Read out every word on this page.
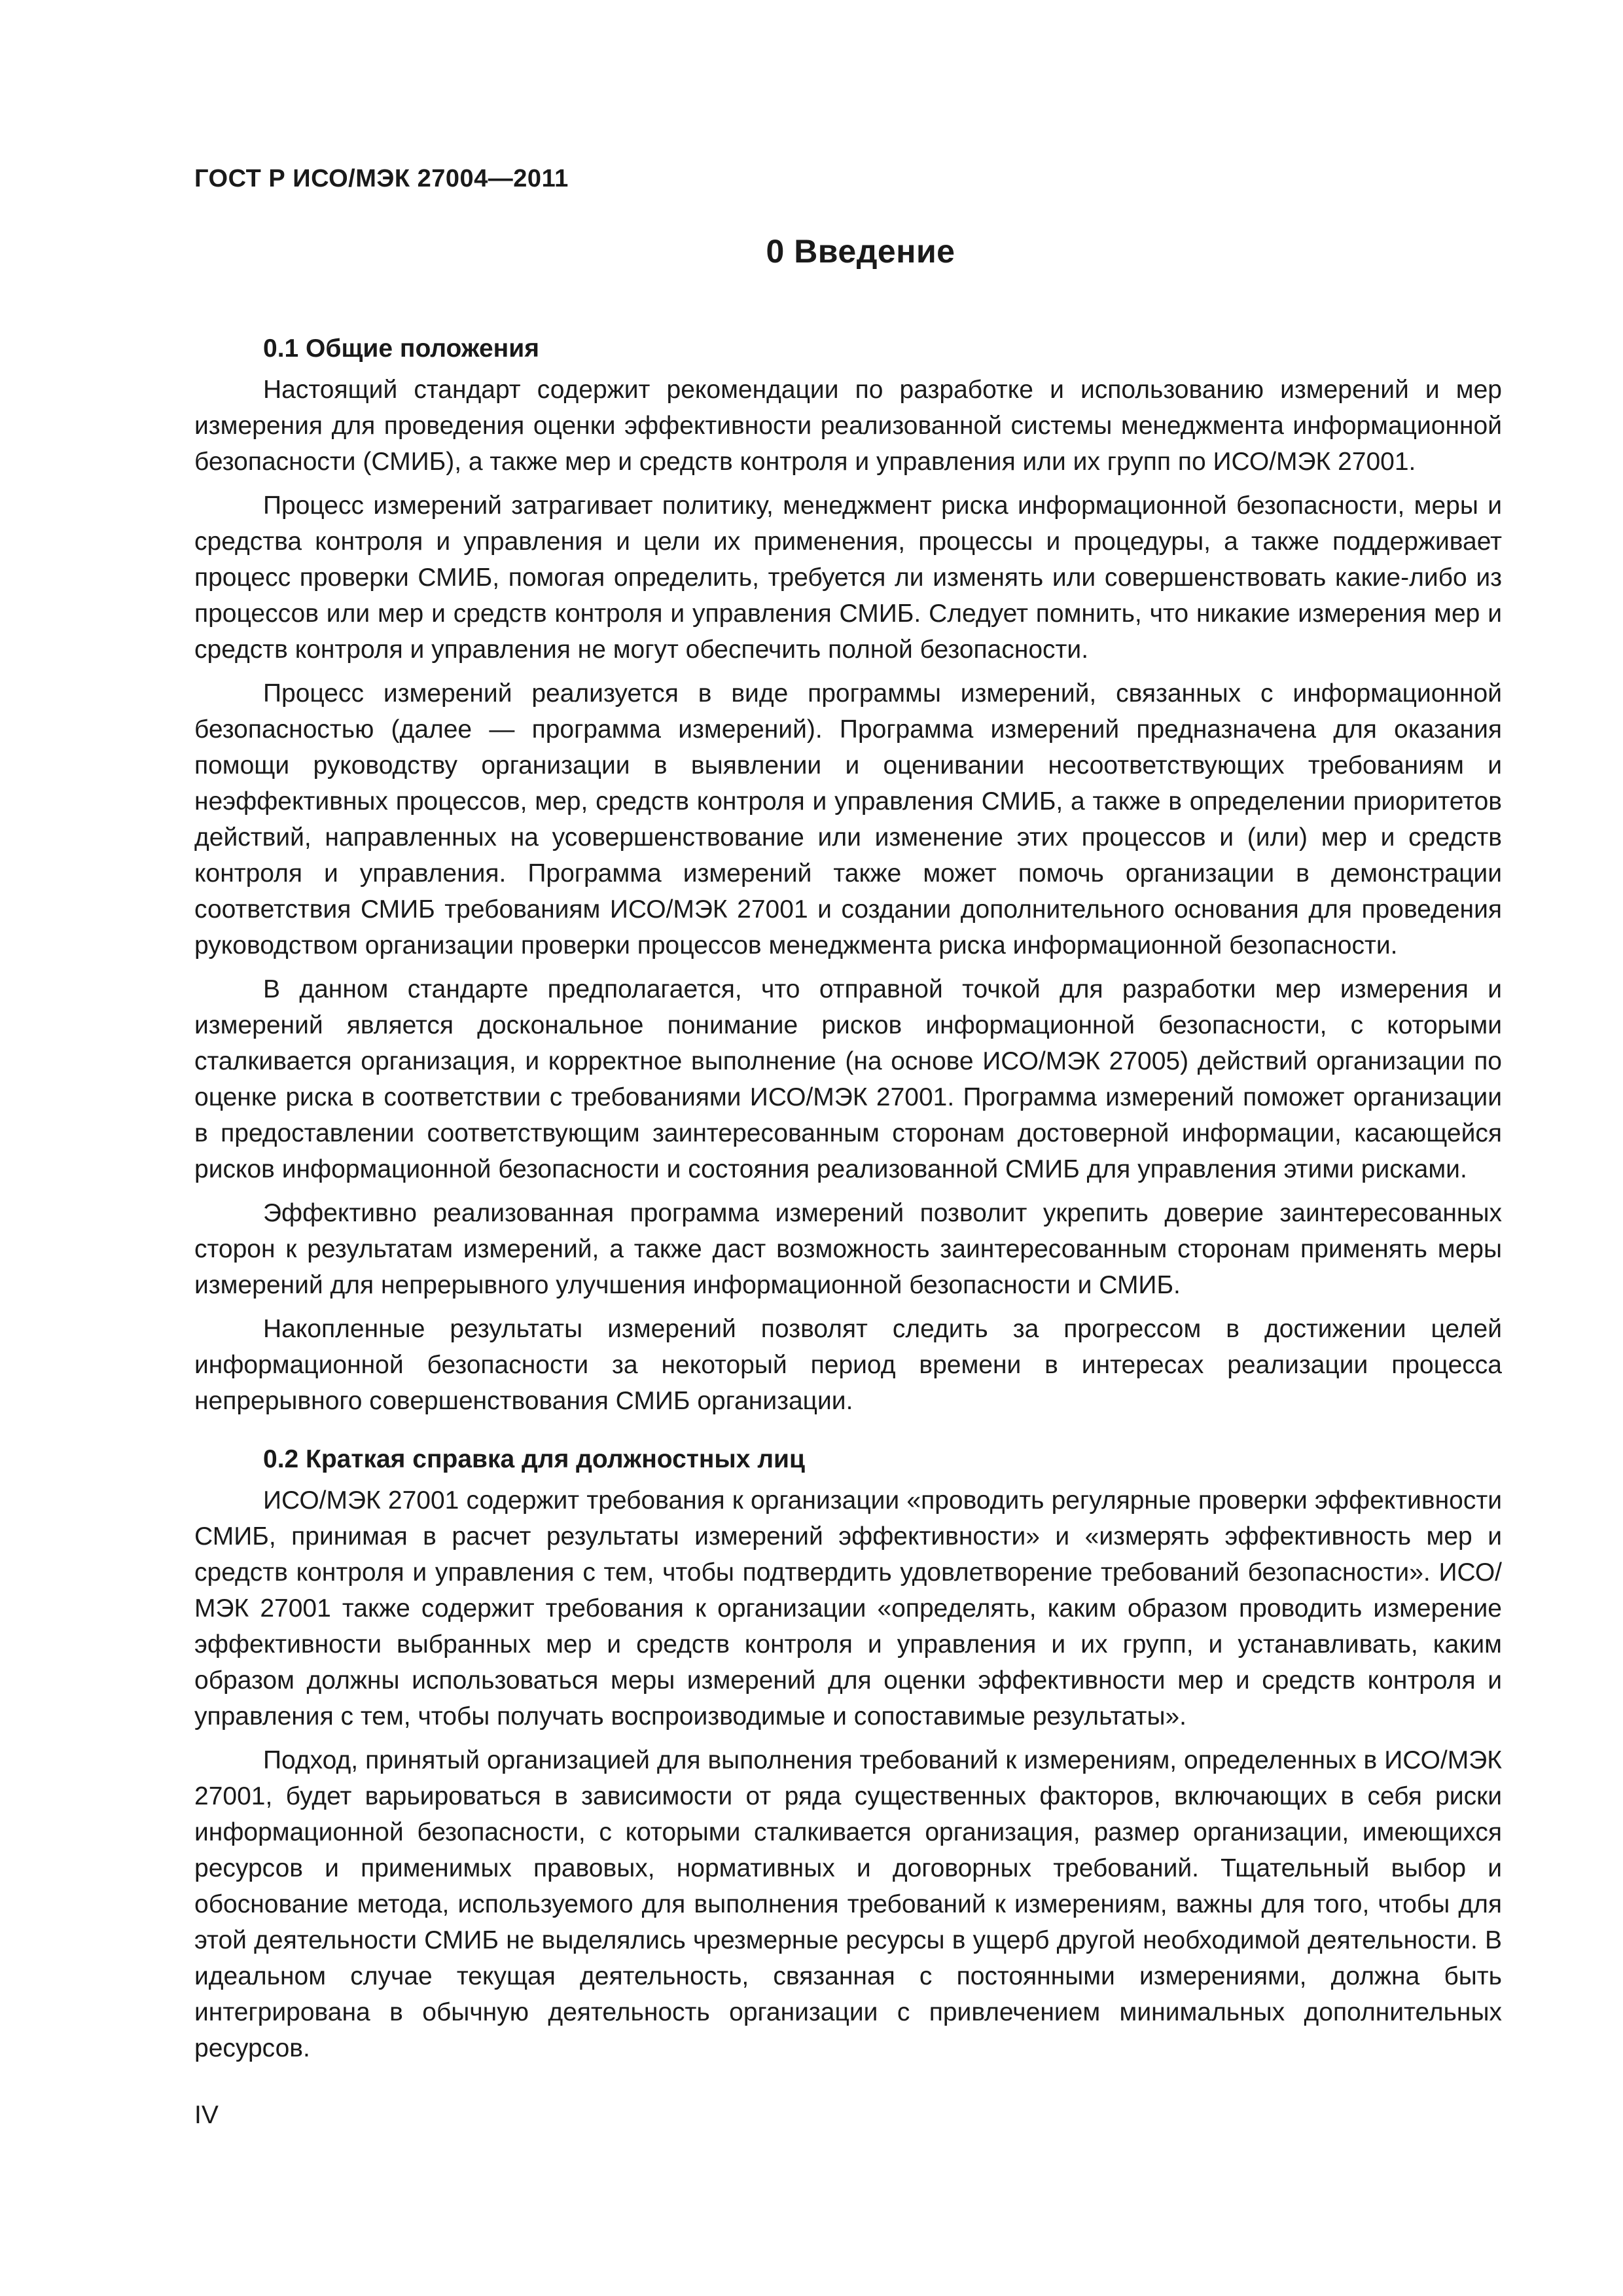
ГОСТ Р ИСО/МЭК 27004—2011
0 Введение
0.1 Общие положения

Настоящий стандарт содержит рекомендации по разработке и использованию измерений и мер измерения для проведения оценки эффективности реализованной системы менеджмента информационной безопасности (СМИБ), а также мер и средств контроля и управления или их групп по ИСО/МЭК 27001.

Процесс измерений затрагивает политику, менеджмент риска информационной безопасности, меры и средства контроля и управления и цели их применения, процессы и процедуры, а также поддерживает процесс проверки СМИБ, помогая определить, требуется ли изменять или совершенствовать какие-либо из процессов или мер и средств контроля и управления СМИБ. Следует помнить, что никакие измерения мер и средств контроля и управления не могут обеспечить полной безопасности.

Процесс измерений реализуется в виде программы измерений, связанных с информационной безопасностью (далее — программа измерений). Программа измерений предназначена для оказания помощи руководству организации в выявлении и оценивании несоответствующих требованиям и неэффективных процессов, мер, средств контроля и управления СМИБ, а также в определении приоритетов действий, направленных на усовершенствование или изменение этих процессов и (или) мер и средств контроля и управления. Программа измерений также может помочь организации в демонстрации соответствия СМИБ требованиям ИСО/МЭК 27001 и создании дополнительного основания для проведения руководством организации проверки процессов менеджмента риска информационной безопасности.

В данном стандарте предполагается, что отправной точкой для разработки мер измерения и измерений является доскональное понимание рисков информационной безопасности, с которыми сталкивается организация, и корректное выполнение (на основе ИСО/МЭК 27005) действий организации по оценке риска в соответствии с требованиями ИСО/МЭК 27001. Программа измерений поможет организации в предоставлении соответствующим заинтересованным сторонам достоверной информации, касающейся рисков информационной безопасности и состояния реализованной СМИБ для управления этими рисками.

Эффективно реализованная программа измерений позволит укрепить доверие заинтересованных сторон к результатам измерений, а также даст возможность заинтересованным сторонам применять меры измерений для непрерывного улучшения информационной безопасности и СМИБ.

Накопленные результаты измерений позволят следить за прогрессом в достижении целей информационной безопасности за некоторый период времени в интересах реализации процесса непрерывного совершенствования СМИБ организации.

0.2 Краткая справка для должностных лиц

ИСО/МЭК 27001 содержит требования к организации «проводить регулярные проверки эффективности СМИБ, принимая в расчет результаты измерений эффективности» и «измерять эффективность мер и средств контроля и управления с тем, чтобы подтвердить удовлетворение требований безопасности». ИСО/МЭК 27001 также содержит требования к организации «определять, каким образом проводить измерение эффективности выбранных мер и средств контроля и управления и их групп, и устанавливать, каким образом должны использоваться меры измерений для оценки эффективности мер и средств контроля и управления с тем, чтобы получать воспроизводимые и сопоставимые результаты».

Подход, принятый организацией для выполнения требований к измерениям, определенных в ИСО/МЭК 27001, будет варьироваться в зависимости от ряда существенных факторов, включающих в себя риски информационной безопасности, с которыми сталкивается организация, размер организации, имеющихся ресурсов и применимых правовых, нормативных и договорных требований. Тщательный выбор и обоснование метода, используемого для выполнения требований к измерениям, важны для того, чтобы для этой деятельности СМИБ не выделялись чрезмерные ресурсы в ущерб другой необходимой деятельности. В идеальном случае текущая деятельность, связанная с постоянными измерениями, должна быть интегрирована в обычную деятельность организации с привлечением минимальных дополнительных ресурсов.

IV
